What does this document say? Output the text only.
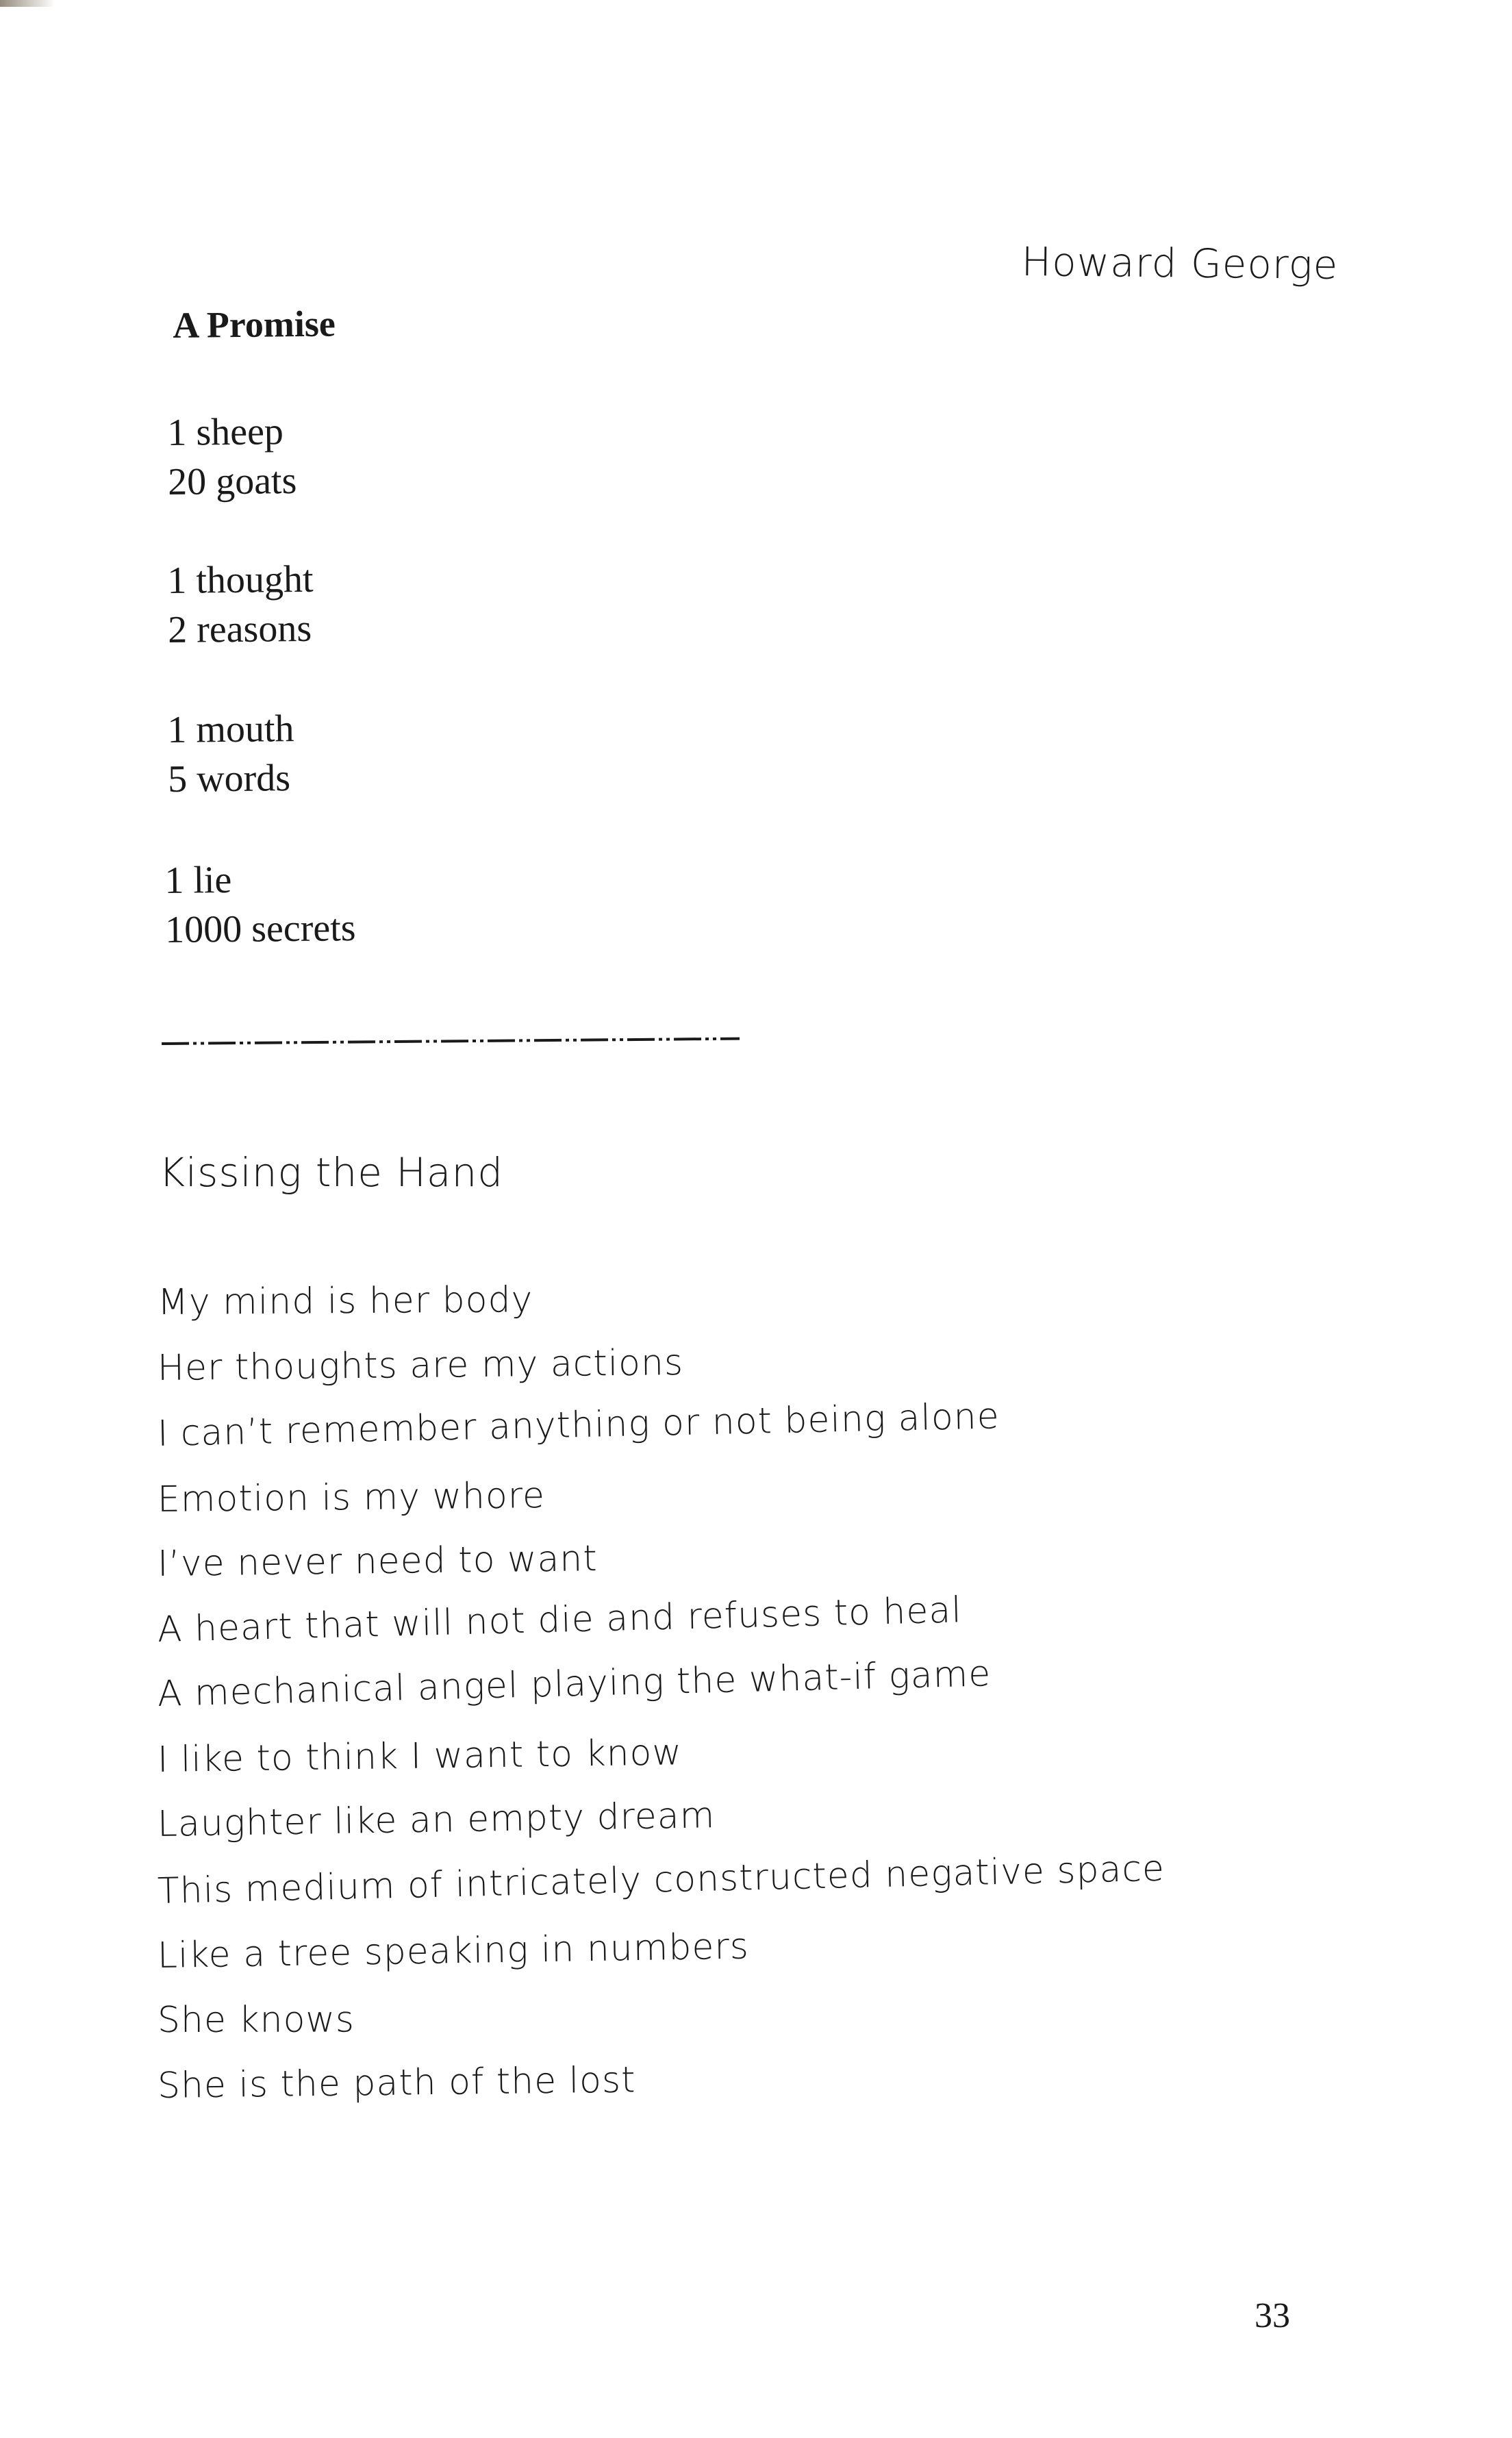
Howard George
A Promise
1 sheep
20 goats
1 thought
2 reasons
1 mouth
5 words
1 lie
1000 secrets
Kissing the Hand
My mind is her body
Her thoughts are my actions
I can’t remember anything or not being alone
Emotion is my whore
I’ve never need to want
A heart that will not die and refuses to heal
A mechanical angel playing the what-if game
I like to think I want to know
Laughter like an empty dream
This medium of intricately constructed negative space
Like a tree speaking in numbers
She knows
She is the path of the lost
33
